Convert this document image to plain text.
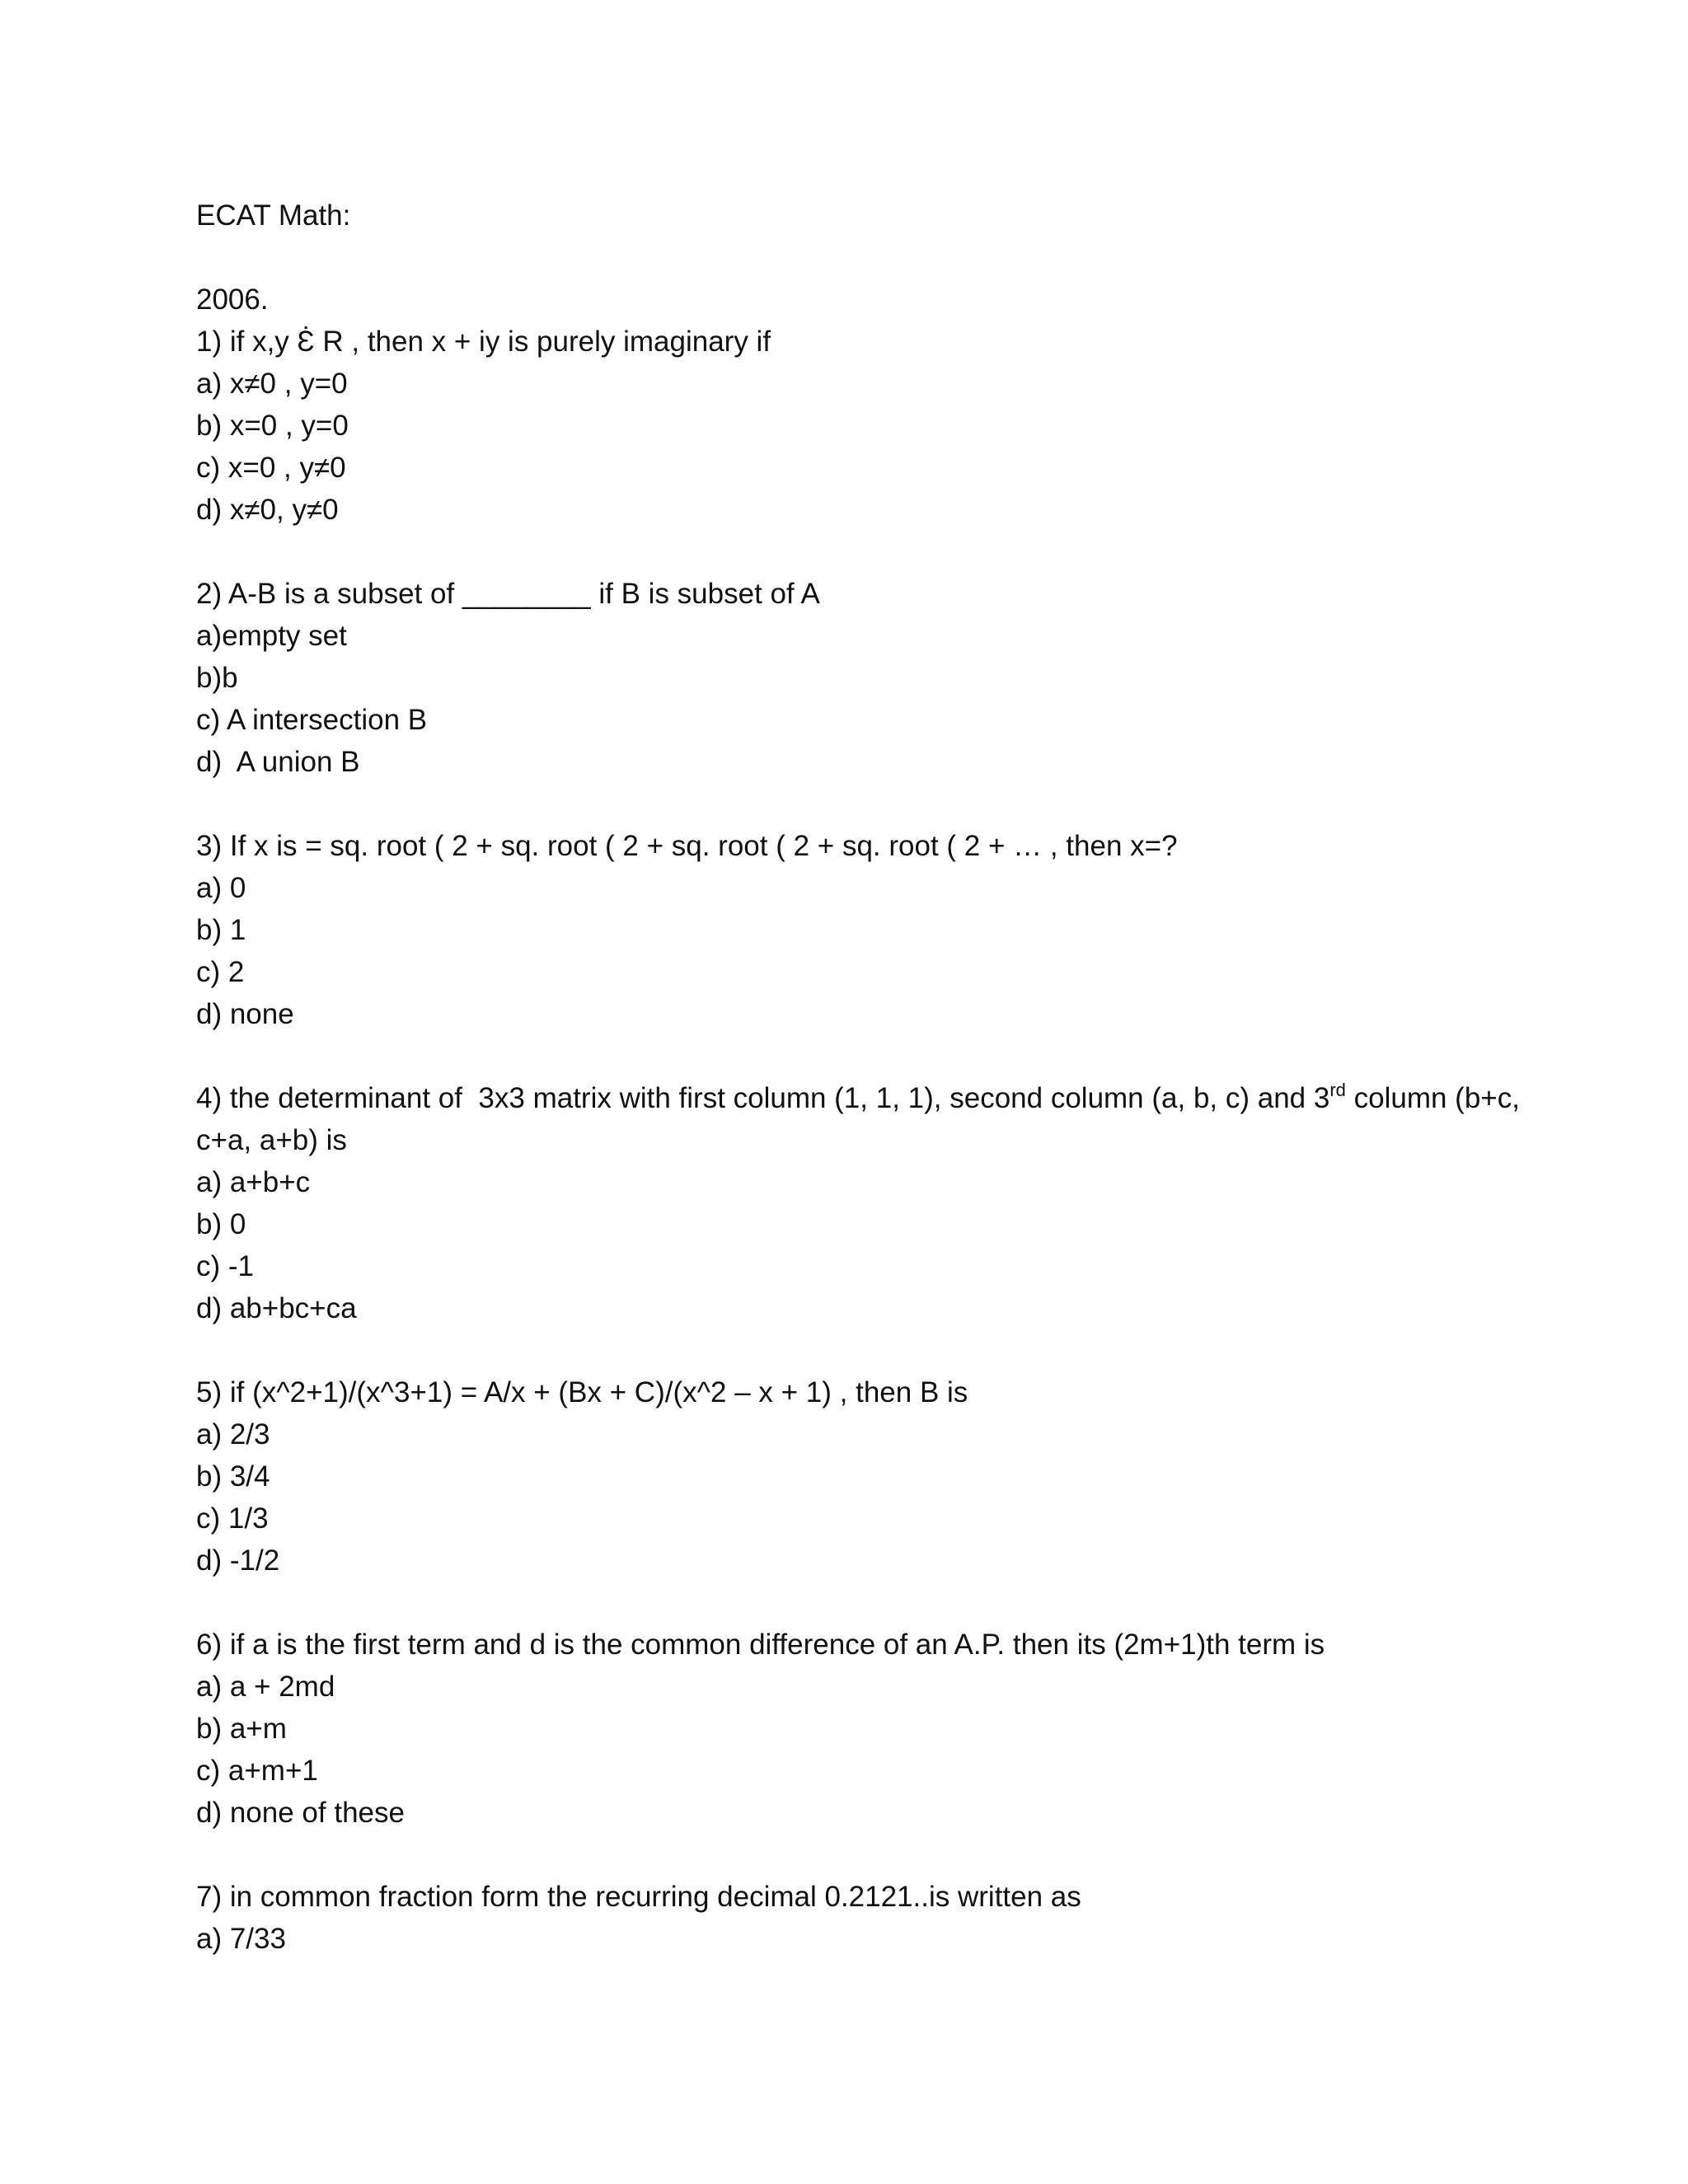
ECAT Math:
2006.
1) if x,y Ɛ̇ R , then x + iy is purely imaginary if
a) x≠0 , y=0
b) x=0 , y=0
c) x=0 , y≠0
d) x≠0, y≠0
2) A-B is a subset of ________ if B is subset of A
a)empty set
b)b
c) A intersection B
d)  A union B
3) If x is = sq. root ( 2 + sq. root ( 2 + sq. root ( 2 + sq. root ( 2 + … , then x=?
a) 0
b) 1
c) 2
d) none
4) the determinant of  3x3 matrix with first column (1, 1, 1), second column (a, b, c) and 3rd column (b+c,
c+a, a+b) is
a) a+b+c
b) 0
c) -1
d) ab+bc+ca
5) if (x^2+1)/(x^3+1) = A/x + (Bx + C)/(x^2 – x + 1) , then B is
a) 2/3
b) 3/4
c) 1/3
d) -1/2
6) if a is the first term and d is the common difference of an A.P. then its (2m+1)th term is
a) a + 2md
b) a+m
c) a+m+1
d) none of these
7) in common fraction form the recurring decimal 0.2121..is written as
a) 7/33
